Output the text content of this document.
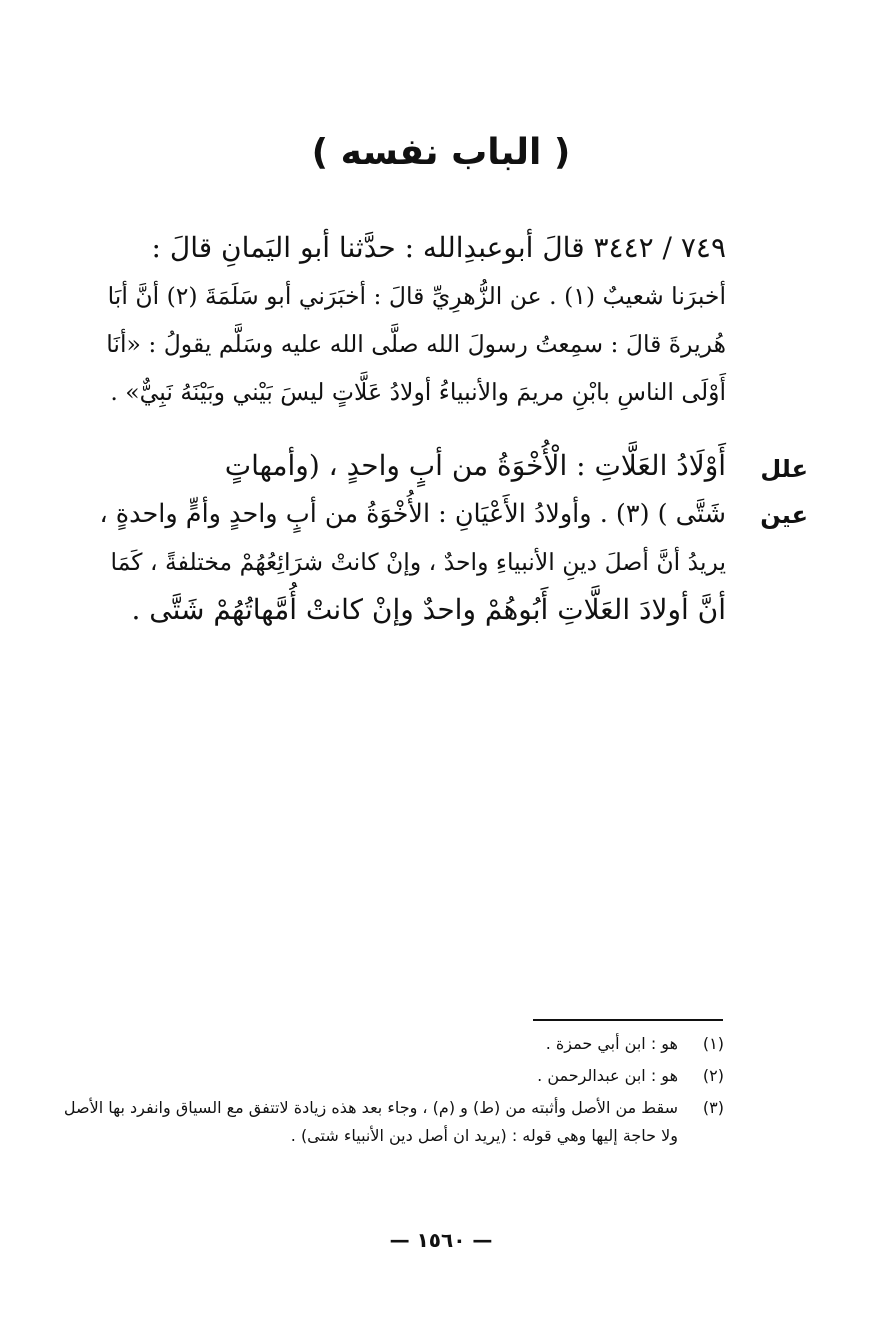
( الباب نفسه )
٧٤٩ / ٣٤٤٢ قالَ أبوعبدِالله : حدَّثنا أبو اليَمانِ قالَ :
أخبرَنا شعيبٌ (١) . عن الزُّهرِيِّ قالَ : أخبَرَني أبو سَلَمَةَ (٢) أنَّ أبَا
هُريرةَ قالَ : سمِعتُ رسولَ الله صلَّى الله عليه وسَلَّم يقولُ : «أنَا
أَوْلَى الناسِ بابْنِ مريمَ والأنبياءُ أولادُ عَلَّاتٍ ليسَ بَيْني وبَيْنَهُ نَبِيٌّ» .
علل
عين
أَوْلَادُ العَلَّاتِ : الْأُخْوَةُ من أبٍ واحدٍ ، (وأمهاتٍ
شَتَّى ) (٣) . وأولادُ الأَعْيَانِ : الأُخْوَةُ من أبٍ واحدٍ وأمٍّ واحدةٍ ،
يريدُ أنَّ أصلَ دينِ الأنبياءِ واحدٌ ، وإنْ كانتْ شرَائِعُهُمْ مختلفةً ، كَمَا
أنَّ أولادَ العَلَّاتِ أَبُوهُمْ واحدٌ وإنْ كانتْ أُمَّهاتُهُمْ شَتَّى .
(١)
هو : ابن أبي حمزة .
(٢)
هو : ابن عبدالرحمن .
(٣)
سقط من الأصل وأثبته من (ط) و (م) ، وجاء بعد هذه زيادة لاتتفق مع السياق وانفرد بها الأصل ولا حاجة إليها وهي قوله : (يريد ان أصل دين الأنبياء شتى) .
— ١٥٦٠ —
